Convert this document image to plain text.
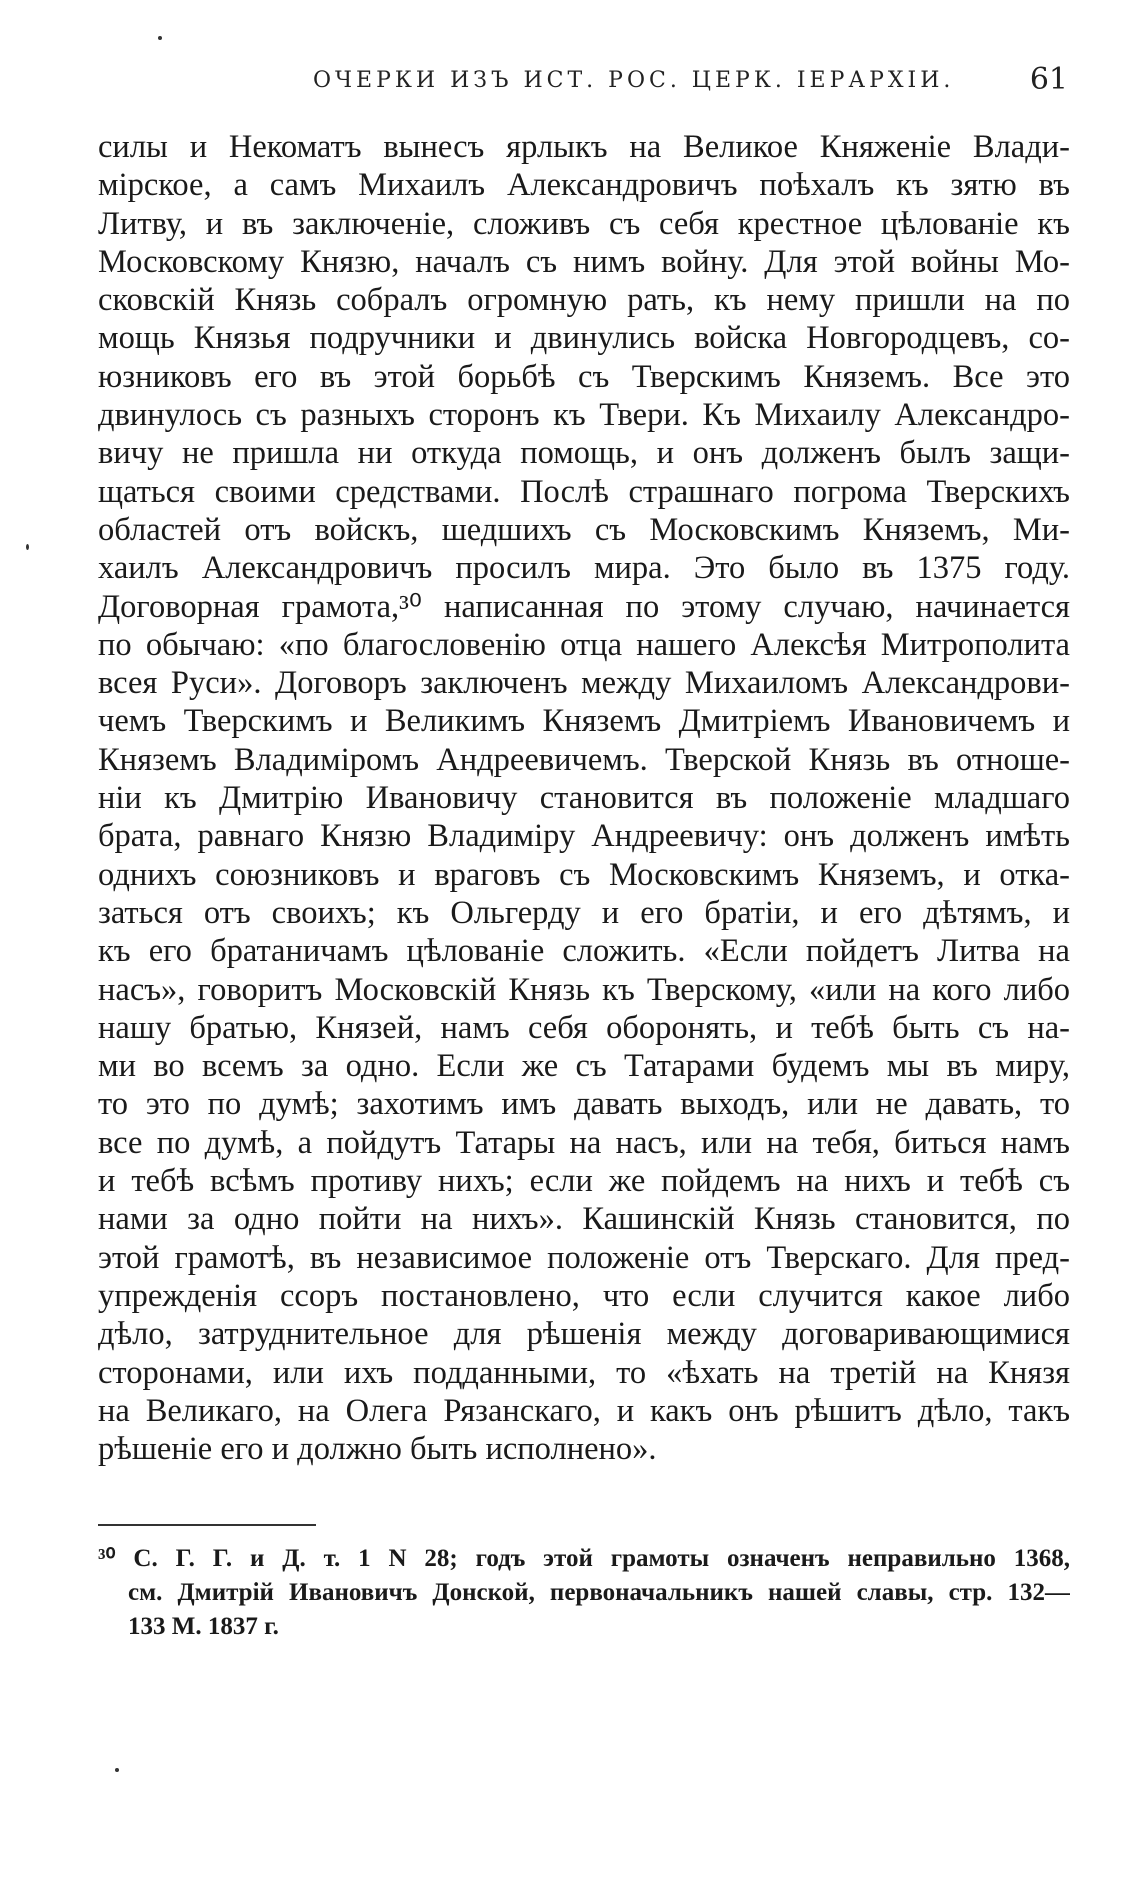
ОЧЕРКИ ИЗЪ ИСТ. РОС. ЦЕРК. ІЕРАРХІИ.	61
силы и Некоматъ вынесъ ярлыкъ на Великое Княженіе Влади-
мірское, а самъ Михаилъ Александровичъ поѣхалъ къ зятю въ
Литву, и въ заключеніе, сложивъ съ себя крестное цѣлованіе къ
Московскому Князю, началъ съ нимъ войну. Для этой войны Мо-
сковскій Князь собралъ огромную рать, къ нему пришли на по
мощь Князья подручники и двинулись войска Новгородцевъ, со-
юзниковъ его въ этой борьбѣ съ Тверскимъ Княземъ. Все это
двинулось съ разныхъ сторонъ къ Твери. Къ Михаилу Александро-
вичу не пришла ни откуда помощь, и онъ долженъ былъ защи-
щаться своими средствами. Послѣ страшнаго погрома Тверскихъ
областей отъ войскъ, шедшихъ съ Московскимъ Княземъ, Ми-
хаилъ Александровичъ просилъ мира. Это было въ 1375 году.
Договорная грамота,³⁰ написанная по этому случаю, начинается
по обычаю: «по благословенію отца нашего Алексѣя Митрополита
всея Руси». Договоръ заключенъ между Михаиломъ Александрови-
чемъ Тверскимъ и Великимъ Княземъ Дмитріемъ Ивановичемъ и
Княземъ Владиміромъ Андреевичемъ. Тверской Князь въ отноше-
ніи къ Дмитрію Ивановичу становится въ положеніе младшаго
брата, равнаго Князю Владиміру Андреевичу: онъ долженъ имѣть
однихъ союзниковъ и враговъ съ Московскимъ Княземъ, и отка-
заться отъ своихъ; къ Ольгерду и его братіи, и его дѣтямъ, и
къ его братаничамъ цѣлованіе сложить. «Если пойдетъ Литва на
насъ», говоритъ Московскій Князь къ Тверскому, «или на кого либо
нашу братью, Князей, намъ себя оборонять, и тебѣ быть съ на-
ми во всемъ за одно. Если же съ Татарами будемъ мы въ миру,
то это по думѣ; захотимъ имъ давать выходъ, или не давать, то
все по думѣ, а пойдутъ Татары на насъ, или на тебя, биться намъ
и тебѣ всѣмъ противу нихъ; если же пойдемъ на нихъ и тебѣ съ
нами за одно пойти на нихъ». Кашинскій Князь становится, по
этой грамотѣ, въ независимое положеніе отъ Тверскаго. Для пред-
упрежденія ссоръ постановлено, что если случится какое либо
дѣло, затруднительное для рѣшенія между договаривающимися
сторонами, или ихъ подданными, то «ѣхать на третій на Князя
на Великаго, на Олега Рязанскаго, и какъ онъ рѣшитъ дѣло, такъ
рѣшеніе его и должно быть исполнено».
³⁰ С. Г. Г. и Д. т. 1 N 28; годъ этой грамоты означенъ неправильно 1368,
см. Дмитрій Ивановичъ Донской, первоначальникъ нашей славы, стр. 132—
133 М. 1837 г.
